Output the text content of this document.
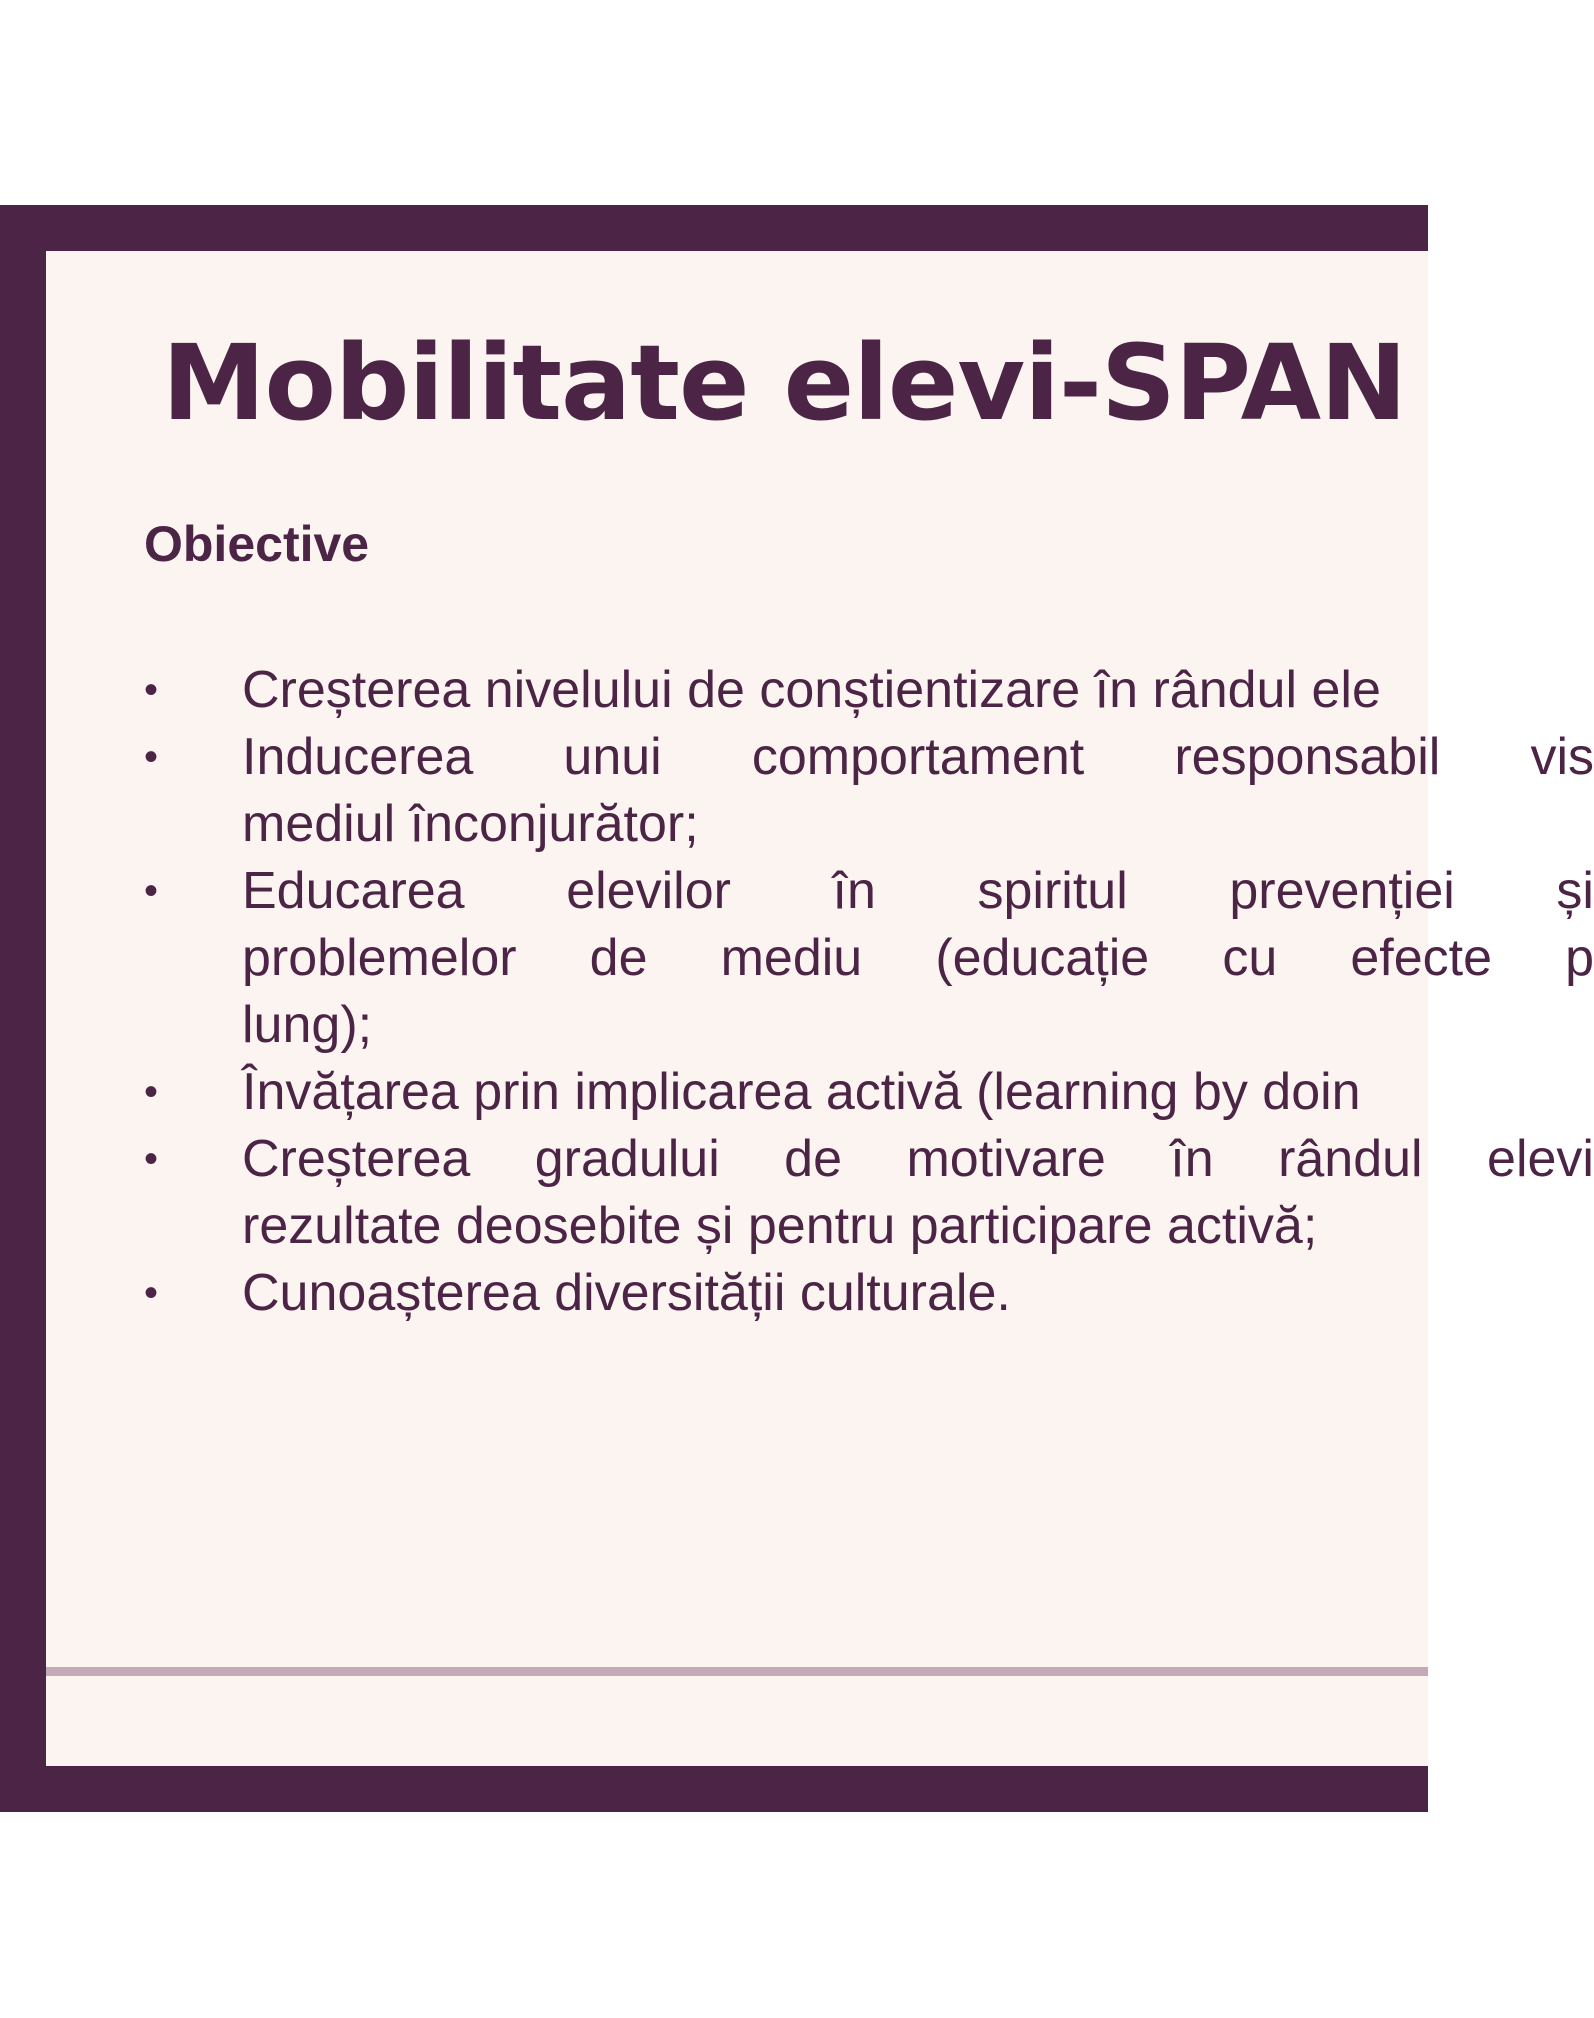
Mobilitate elevi-SPAN
Obiective
• Creșterea nivelului de conștientizare în rândul ele
• Inducerea unui comportament responsabil vis
mediul înconjurător;
• Educarea elevilor în spiritul prevenției și
problemelor de mediu (educație cu efecte p
lung);
• Învățarea prin implicarea activă (learning by doin
• Creșterea gradului de motivare în rândul elevi
rezultate deosebite și pentru participare activă;
• Cunoașterea diversității culturale.
